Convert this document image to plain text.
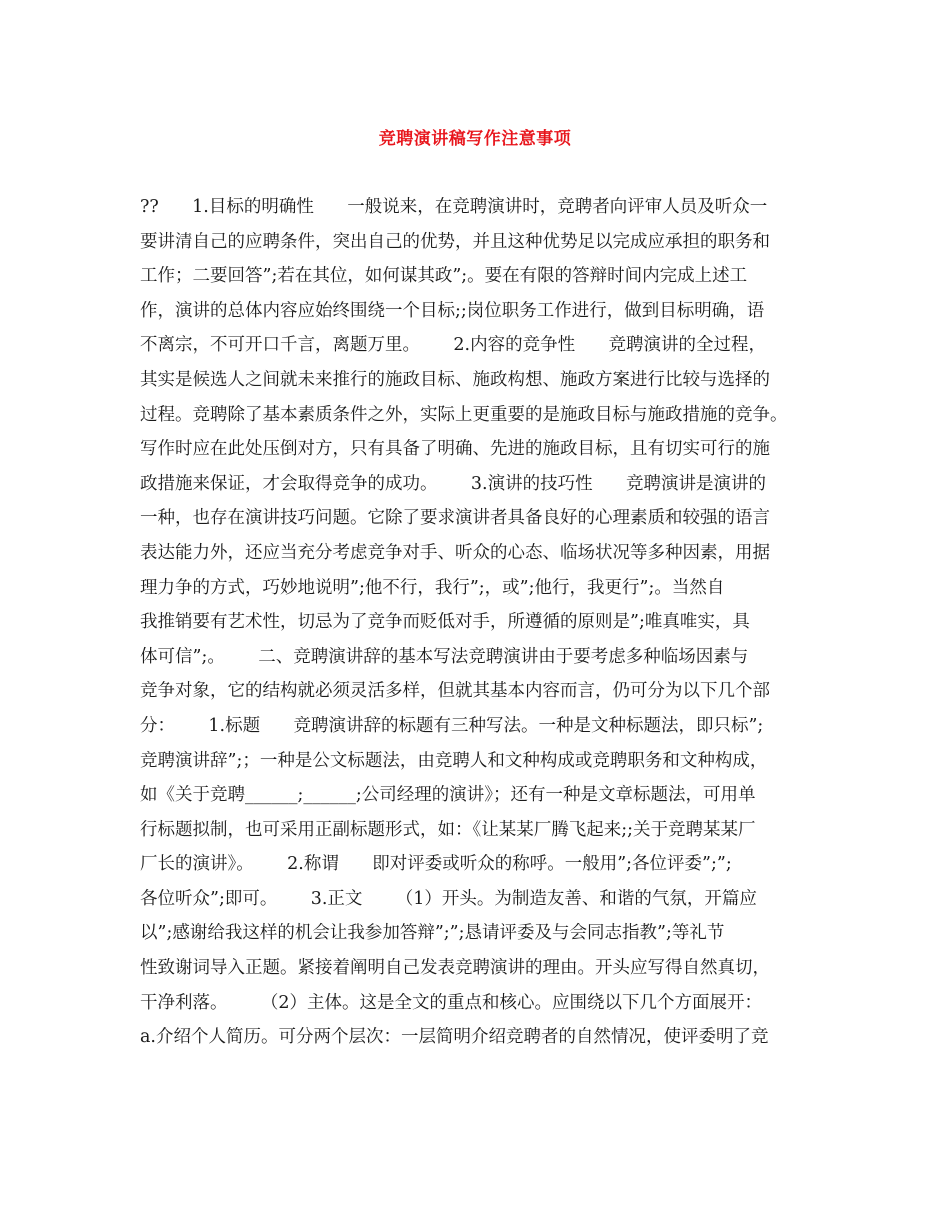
竞聘演讲稿写作注意事项
??      1.目标的明确性      一般说来，在竞聘演讲时，竞聘者向评审人员及听众一
要讲清自己的应聘条件，突出自己的优势，并且这种优势足以完成应承担的职务和
工作；二要回答”;若在其位，如何谋其政”;。要在有限的答辩时间内完成上述工
作，演讲的总体内容应始终围绕一个目标;;岗位职务工作进行，做到目标明确，语
不离宗，不可开口千言，离题万里。      2.内容的竞争性      竞聘演讲的全过程，
其实是候选人之间就未来推行的施政目标、施政构想、施政方案进行比较与选择的
过程。竞聘除了基本素质条件之外，实际上更重要的是施政目标与施政措施的竞争。
写作时应在此处压倒对方，只有具备了明确、先进的施政目标，且有切实可行的施
政措施来保证，才会取得竞争的成功。      3.演讲的技巧性      竞聘演讲是演讲的
一种，也存在演讲技巧问题。它除了要求演讲者具备良好的心理素质和较强的语言
表达能力外，还应当充分考虑竞争对手、听众的心态、临场状况等多种因素，用据
理力争的方式，巧妙地说明”;他不行，我行”;，或”;他行，我更行”;。当然自
我推销要有艺术性，切忌为了竞争而贬低对手，所遵循的原则是”;唯真唯实，具
体可信”;。      二、竞聘演讲辞的基本写法竞聘演讲由于要考虑多种临场因素与
竞争对象，它的结构就必须灵活多样，但就其基本内容而言，仍可分为以下几个部
分：      1.标题      竞聘演讲辞的标题有三种写法。一种是文种标题法，即只标”;
竞聘演讲辞”;；一种是公文标题法，由竞聘人和文种构成或竞聘职务和文种构成，
如《关于竞聘______;______;公司经理的演讲》；还有一种是文章标题法，可用单
行标题拟制，也可采用正副标题形式，如：《让某某厂腾飞起来;;关于竞聘某某厂
厂长的演讲》。      2.称谓      即对评委或听众的称呼。一般用”;各位评委”;”;
各位听众”;即可。      3.正文      （1）开头。为制造友善、和谐的气氛，开篇应
以”;感谢给我这样的机会让我参加答辩”;”;恳请评委及与会同志指教”;等礼节
性致谢词导入正题。紧接着阐明自己发表竞聘演讲的理由。开头应写得自然真切，
干净利落。      （2）主体。这是全文的重点和核心。应围绕以下几个方面展开：
a.介绍个人简历。可分两个层次：一层简明介绍竞聘者的自然情况，使评委明了竞
